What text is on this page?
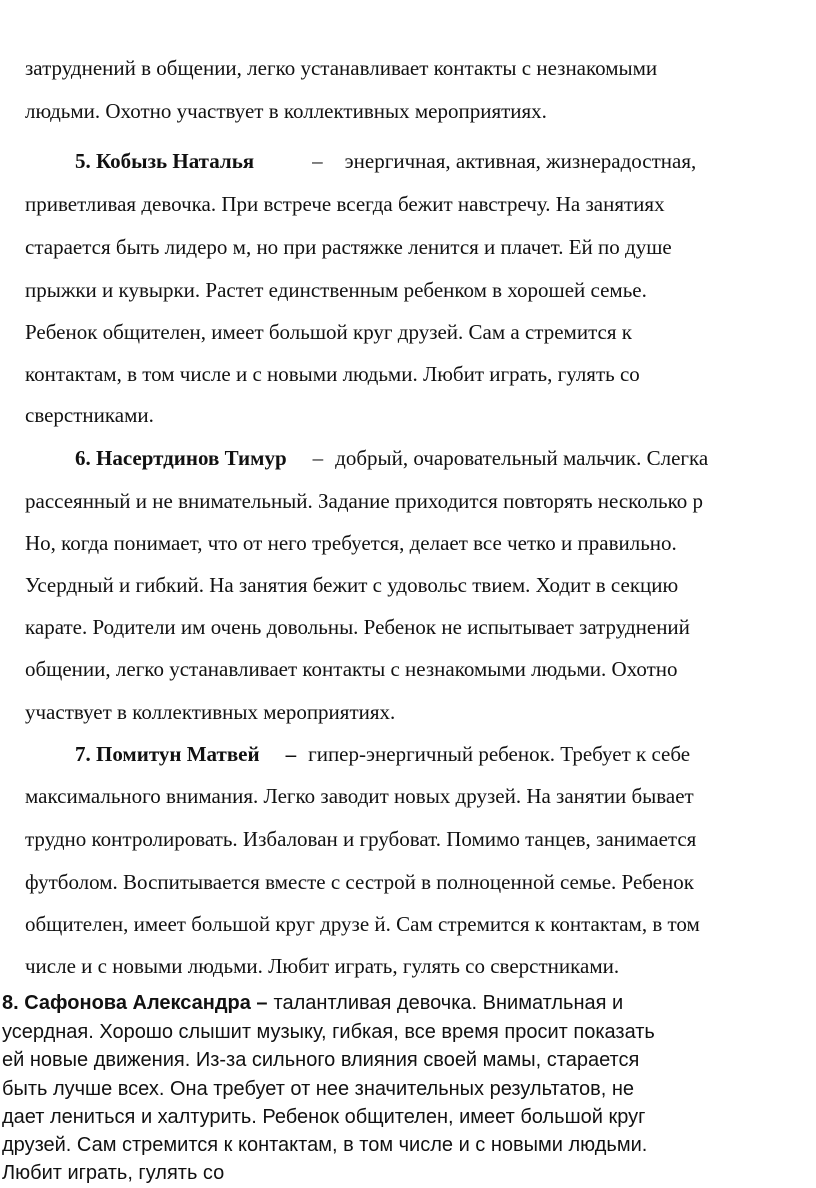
затруднений в общении, легко устанавливает контакты с незнакомыми
людьми. Охотно участвует в коллективных мероприятиях.
5. Кобызь Наталья	– энергичная, активная, жизнерадостная,
приветливая девочка. При встрече всегда бежит навстречу. На занятиях
старается быть лидеро м, но при растяжке ленится и плачет. Ей по душе
прыжки и кувырки. Растет единственным ребенком в хорошей семье.
Ребенок общителен, имеет большой круг друзей. Сам а стремится к
контактам, в том числе и с новыми людьми. Любит играть, гулять со
сверстниками.
6. Насертдинов Тимур – добрый, очаровательный мальчик. Слегка
рассеянный и не внимательный. Задание приходится повторять несколько р
Но, когда понимает, что от него требуется, делает все четко и правильно.
Усердный и гибкий. На занятия бежит с удовольс твием. Ходит в секцию
карате. Родители им очень довольны. Ребенок не испытывает затруднений
общении, легко устанавливает контакты с незнакомыми людьми. Охотно
участвует в коллективных мероприятиях.
7. Помитун Матвей – гипер-энергичный ребенок. Требует к себе
максимального внимания. Легко заводит новых друзей. На занятии бывает
трудно контролировать. Избалован и грубоват. Помимо танцев, занимается
футболом. Воспитывается вместе с сестрой в полноценной семье. Ребенок
общителен, имеет большой круг друзе й. Сам стремится к контактам, в том
числе и с новыми людьми. Любит играть, гулять со сверстниками.
8. Сафонова Александра – талантливая девочка. Вниматльная и
усердная. Хорошо слышит музыку, гибкая, все время просит показать
ей новые движения. Из-за сильного влияния своей мамы, старается
быть лучше всех. Она требует от нее значительных результатов, не
дает лениться и халтурить. Ребенок общителен, имеет большой круг
друзей. Сам стремится к контактам, в том числе и с новыми людьми.
Любит играть, гулять со
